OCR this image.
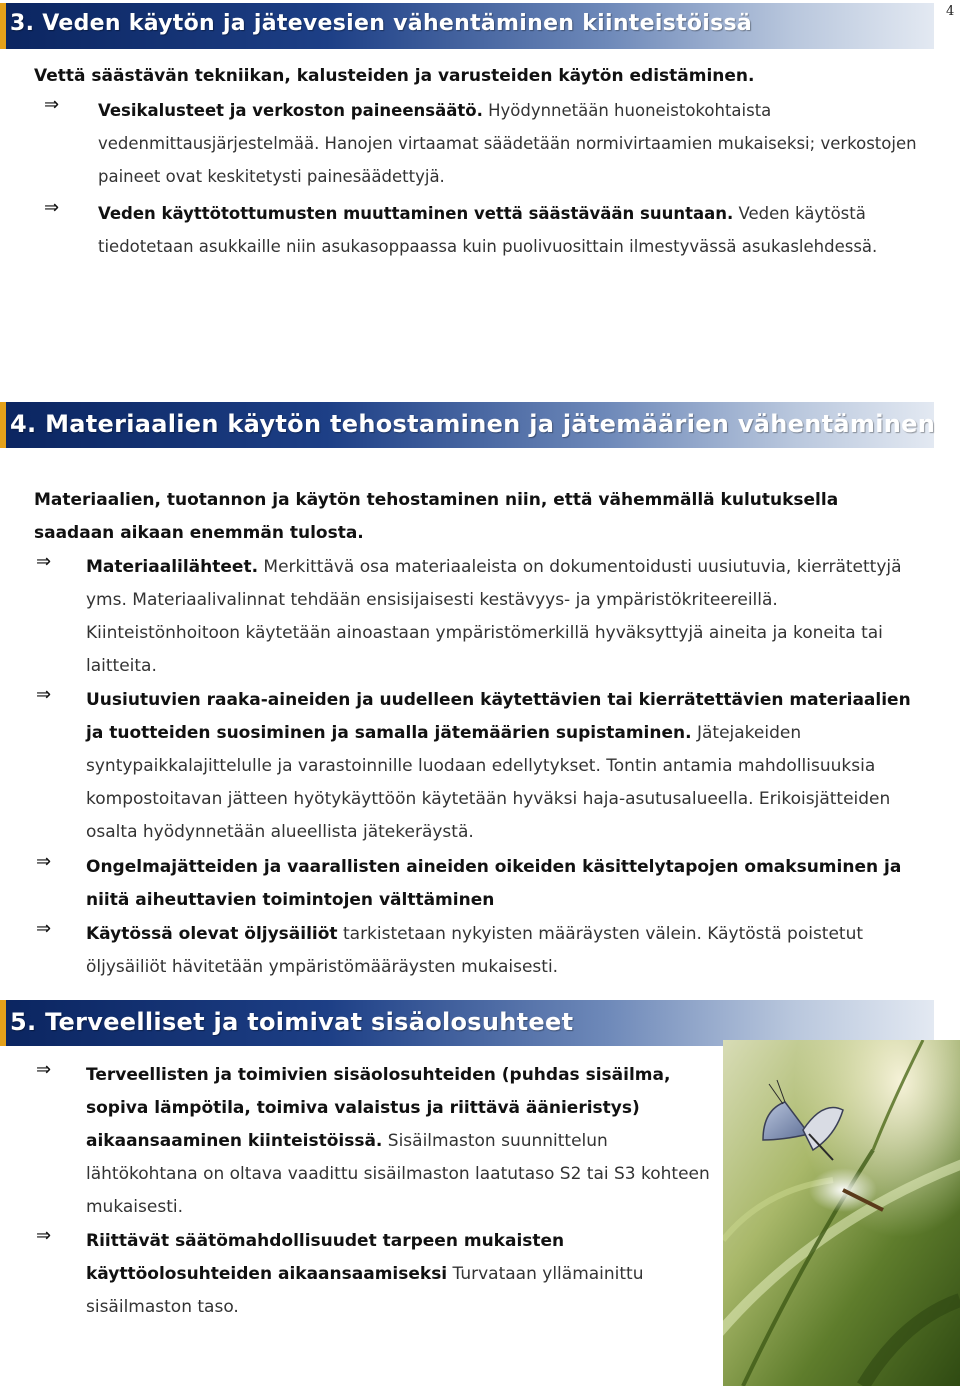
4
3. Veden käytön ja jätevesien vähentäminen kiinteistöissä

Vettä säästävän tekniikan, kalusteiden ja varusteiden käytön edistäminen.

⇒ Vesikalusteet ja verkoston paineensäätö. Hyödynnetään huoneistokohtaista vedenmittausjärjestelmää. Hanojen virtaamat säädetään normivirtaamien mukaiseksi; verkostojen paineet ovat keskitetysti painesäädettyjä.

⇒ Veden käyttötottumusten muuttaminen vettä säästävään suuntaan. Veden käytöstä tiedotetaan asukkaille niin asukasoppaassa kuin puolivuosittain ilmestyvässä asukaslehdessä.

4. Materiaalien käytön tehostaminen ja jätemäärien vähentäminen

Materiaalien, tuotannon ja käytön tehostaminen niin, että vähemmällä kulutuksella saadaan aikaan enemmän tulosta.

⇒ Materiaalilähteet. Merkittävä osa materiaaleista on dokumentoidusti uusiutuvia, kierrätettyjä yms. Materiaalivalinnat tehdään ensisijaisesti kestävyys- ja ympäristökriteereillä. Kiinteistönhoitoon käytetään ainoastaan ympäristömerkillä hyväksyttyjä aineita ja koneita tai laitteita.

⇒ Uusiutuvien raaka-aineiden ja uudelleen käytettävien tai kierrätettävien materiaalien ja tuotteiden suosiminen ja samalla jätemäärien supistaminen. Jätejakeiden syntypaikkalajittelulle ja varastoinnille luodaan edellytykset. Tontin antamia mahdollisuuksia kompostoitavan jätteen hyötykäyttöön käytetään hyväksi haja-asutusalueella. Erikoisjätteiden osalta hyödynnetään alueellista jätekeräystä.

⇒ Ongelmajätteiden ja vaarallisten aineiden oikeiden käsittelytapojen omaksuminen ja niitä aiheuttavien toimintojen välttäminen

⇒ Käytössä olevat öljysäiliöt tarkistetaan nykyisten määräysten välein. Käytöstä poistetut öljysäiliöt hävitetään ympäristömääräysten mukaisesti.

5. Terveelliset ja toimivat sisäolosuhteet
⇒ Terveellisten ja toimivien sisäolosuhteiden (puhdas sisäilma, sopiva lämpötila, toimiva valaistus ja riittävä äänieristys) aikaansaaminen kiinteistöissä. Sisäilmaston suunnittelun lähtökohtana on oltava vaadittu sisäilmaston laatutaso S2 tai S3 kohteen mukaisesti.

⇒ Riittävät säätömahdollisuudet tarpeen mukaisten käyttöolosuhteiden aikaansaamiseksi Turvataan yllämainittu sisäilmaston taso.
